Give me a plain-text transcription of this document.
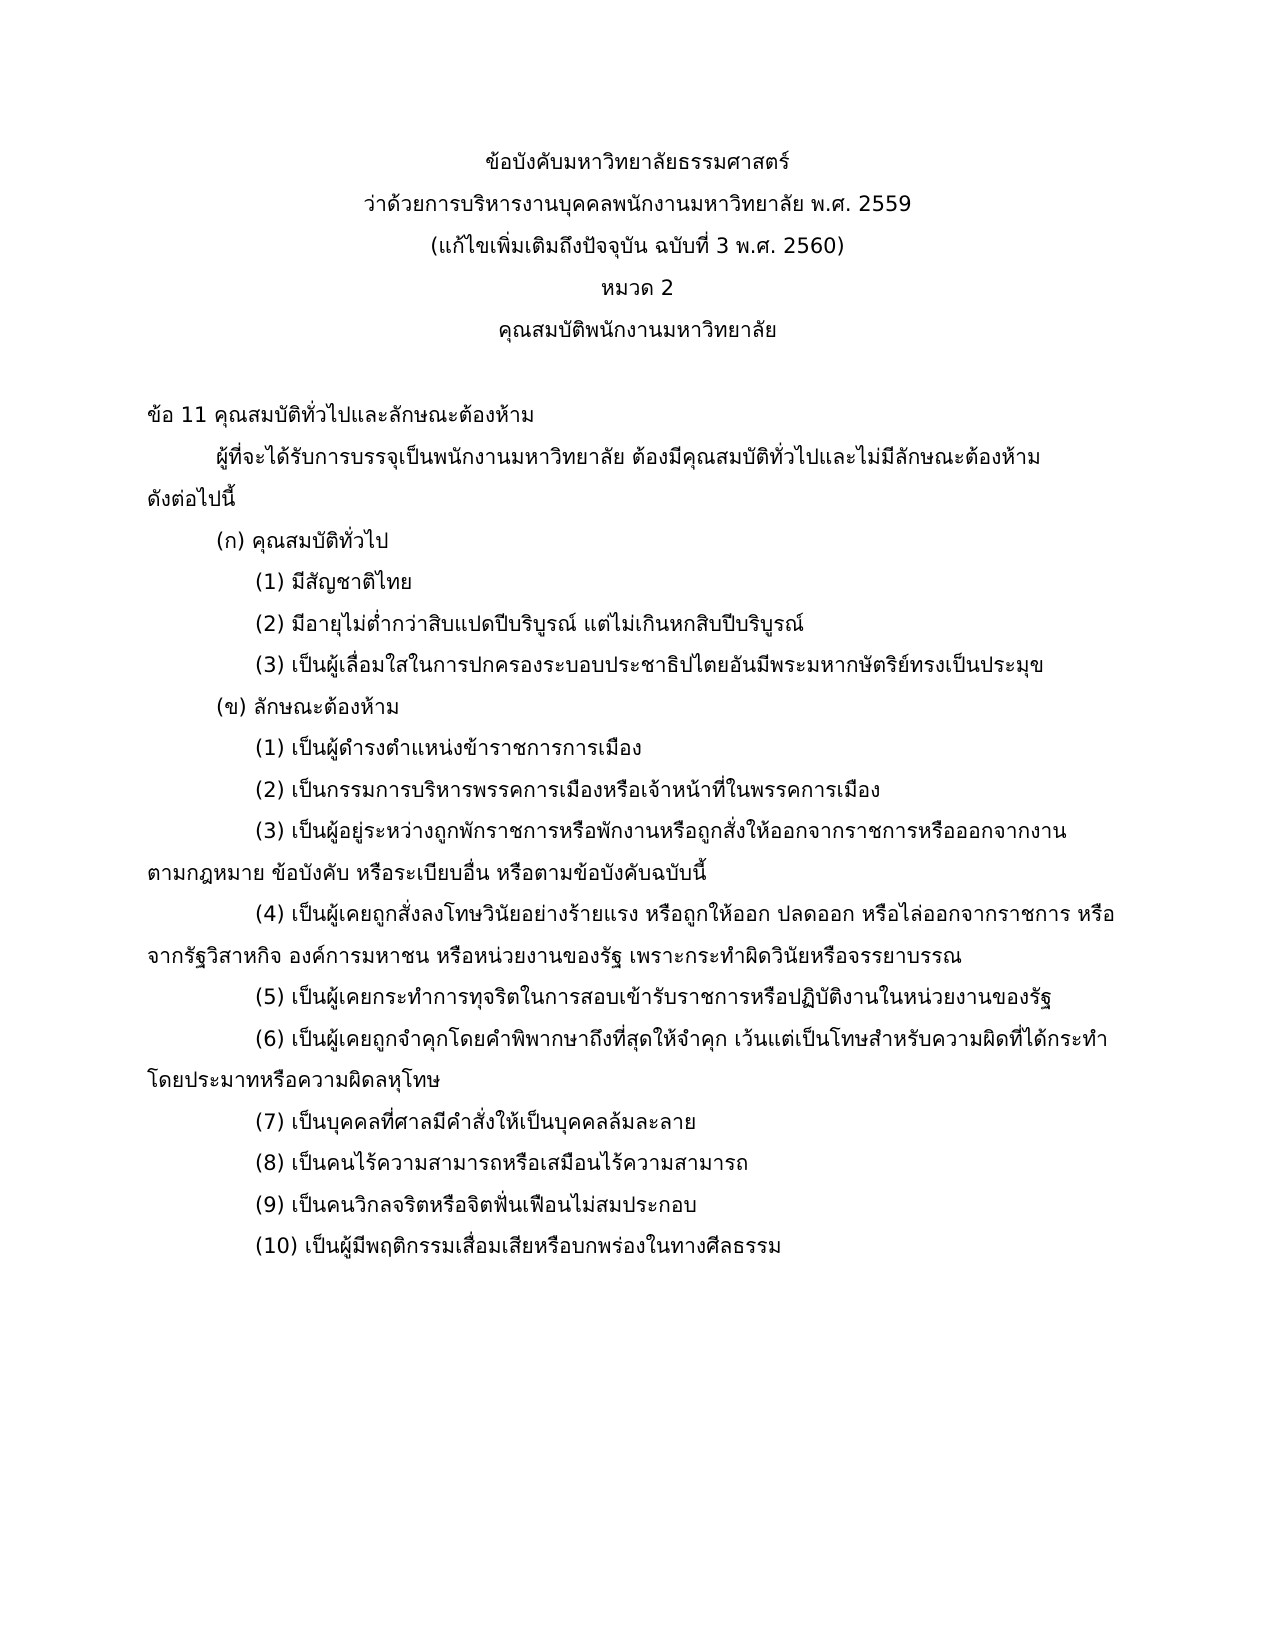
ข้อบังคับมหาวิทยาลัยธรรมศาสตร์
ว่าด้วยการบริหารงานบุคคลพนักงานมหาวิทยาลัย พ.ศ. 2559
(แก้ไขเพิ่มเติมถึงปัจจุบัน ฉบับที่ 3 พ.ศ. 2560)
หมวด 2
คุณสมบัติพนักงานมหาวิทยาลัย
ข้อ 11 คุณสมบัติทั่วไปและลักษณะต้องห้าม
ผู้ที่จะได้รับการบรรจุเป็นพนักงานมหาวิทยาลัย ต้องมีคุณสมบัติทั่วไปและไม่มีลักษณะต้องห้าม
ดังต่อไปนี้
(ก) คุณสมบัติทั่วไป
(1) มีสัญชาติไทย
(2) มีอายุไม่ต่ำกว่าสิบแปดปีบริบูรณ์ แต่ไม่เกินหกสิบปีบริบูรณ์
(3) เป็นผู้เลื่อมใสในการปกครองระบอบประชาธิปไตยอันมีพระมหากษัตริย์ทรงเป็นประมุข
(ข) ลักษณะต้องห้าม
(1) เป็นผู้ดำรงตำแหน่งข้าราชการการเมือง
(2) เป็นกรรมการบริหารพรรคการเมืองหรือเจ้าหน้าที่ในพรรคการเมือง
(3) เป็นผู้อยู่ระหว่างถูกพักราชการหรือพักงานหรือถูกสั่งให้ออกจากราชการหรือออกจากงาน
ตามกฎหมาย ข้อบังคับ หรือระเบียบอื่น หรือตามข้อบังคับฉบับนี้
(4) เป็นผู้เคยถูกสั่งลงโทษวินัยอย่างร้ายแรง หรือถูกให้ออก ปลดออก หรือไล่ออกจากราชการ หรือ
จากรัฐวิสาหกิจ องค์การมหาชน หรือหน่วยงานของรัฐ เพราะกระทำผิดวินัยหรือจรรยาบรรณ
(5) เป็นผู้เคยกระทำการทุจริตในการสอบเข้ารับราชการหรือปฏิบัติงานในหน่วยงานของรัฐ
(6) เป็นผู้เคยถูกจำคุกโดยคำพิพากษาถึงที่สุดให้จำคุก เว้นแต่เป็นโทษสำหรับความผิดที่ได้กระทำ
โดยประมาทหรือความผิดลหุโทษ
(7) เป็นบุคคลที่ศาลมีคำสั่งให้เป็นบุคคลล้มละลาย
(8) เป็นคนไร้ความสามารถหรือเสมือนไร้ความสามารถ
(9) เป็นคนวิกลจริตหรือจิตฟั่นเฟือนไม่สมประกอบ
(10) เป็นผู้มีพฤติกรรมเสื่อมเสียหรือบกพร่องในทางศีลธรรม
